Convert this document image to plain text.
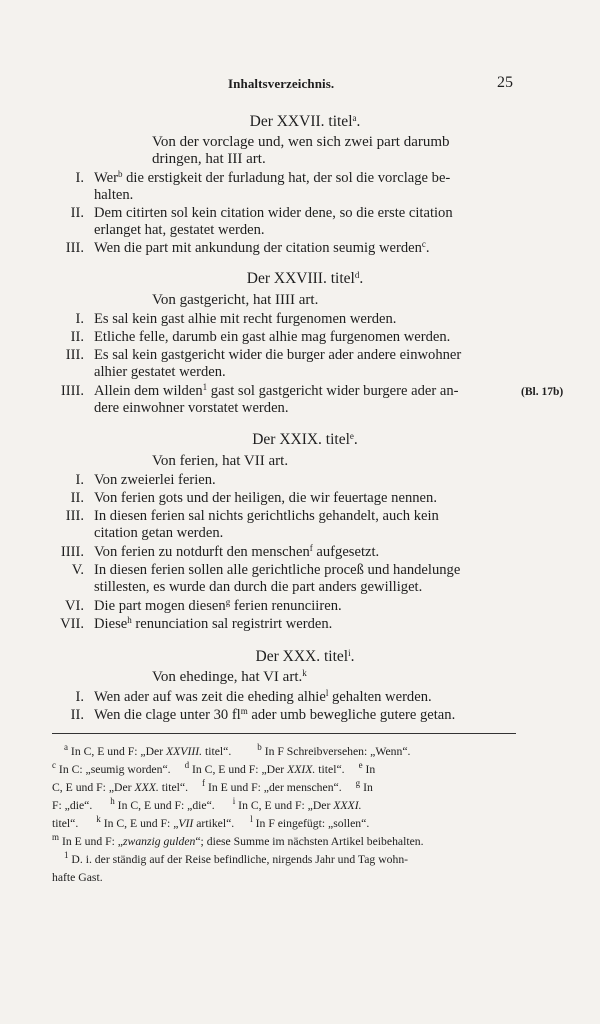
Inhaltsverzeichnis.	25
Der XXVII. titel$^a$.
Von der vorclage und, wen sich zwei part darumb
dringen, hat III art.
I. Wer$^b$ die erstigkeit der furladung hat, der sol die vorclage be-
halten.
II. Dem citirten sol kein citation wider dene, so die erste citation
erlanget hat, gestatet werden.
III. Wen die part mit ankundung der citation seumig werden$^c$.
Der XXVIII. titel$^d$.
Von gastgericht, hat IIII art.
I. Es sal kein gast alhie mit recht furgenomen werden.
II. Etliche felle, darumb ein gast alhie mag furgenomen werden.
III. Es sal kein gastgericht wider die burger ader andere einwohner
alhier gestatet werden.
IIII. Allein dem wilden$^1$ gast sol gastgericht wider burgere ader an-
dere einwohner vorstatet werden.
(Bl. 17b)
Der XXIX. titel$^e$.
Von ferien, hat VII art.
I. Von zweierlei ferien.
II. Von ferien gots und der heiligen, die wir feuertage nennen.
III. In diesen ferien sal nichts gerichtlichs gehandelt, auch kein
citation getan werden.
IIII. Von ferien zu notdurft den menschen$^f$ aufgesetzt.
V. In diesen ferien sollen alle gerichtliche proceß und handelunge
stillesten, es wurde dan durch die part anders gewilliget.
VI. Die part mogen diesen$^g$ ferien renunciiren.
VII. Diese$^h$ renunciation sal registrirt werden.
Der XXX. titel$^i$.
Von ehedinge, hat VI art.$^k$
I. Wen ader auf was zeit die eheding alhie$^l$ gehalten werden.
II. Wen die clage unter 30 $fl^m$ ader umb bewegliche gutere getan.
$^a$ In C, E und F: „Der XXVIII. titel“.	$^b$ In F Schreibversehen: „Wenn“.
$^c$ In C: „seumig worden“. $^d$ In C, E und F: „Der XXIX. titel“. $^e$ In
C, E und F: „Der XXX. titel“. $^f$ In E und F: „der menschen“. $^g$ In
F: „die“. $^h$ In C, E und F: „die“. $^i$ In C, E und F: „Der XXXI.
titel“. $^k$ In C, E und F: „VII artikel“. $^l$ In F eingefügt: „sollen“.
$^m$ In E und F: „zwanzig gulden“; diese Summe im nächsten Artikel beibehalten.
$^1$ D. i. der ständig auf der Reise befindliche, nirgends Jahr und Tag wohn-
hafte Gast.
